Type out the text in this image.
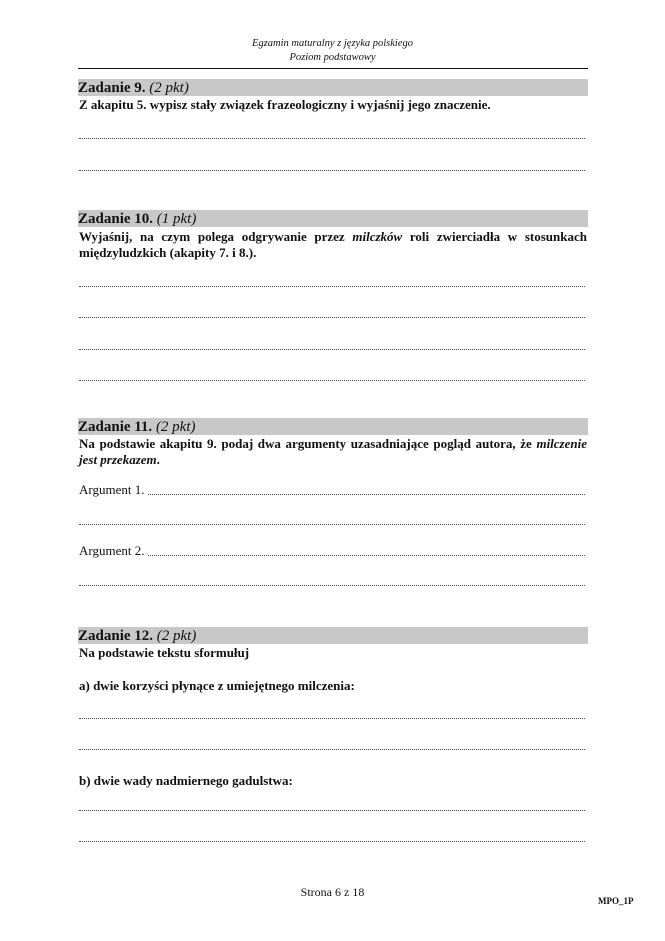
Egzamin maturalny z języka polskiego
Poziom podstawowy
Zadanie 9. (2 pkt)
Z akapitu 5. wypisz stały związek frazeologiczny i wyjaśnij jego znaczenie.
Zadanie 10. (1 pkt)
Wyjaśnij, na czym polega odgrywanie przez milczków roli zwierciadła w stosunkach międzyludzkich (akapity 7. i 8.).
Zadanie 11. (2 pkt)
Na podstawie akapitu 9. podaj dwa argumenty uzasadniające pogląd autora, że milczenie jest przekazem.
Argument 1.
Argument 2.
Zadanie 12. (2 pkt)
Na podstawie tekstu sformułuj
a) dwie korzyści płynące z umiejętnego milczenia:
b) dwie wady nadmiernego gadulstwa:
Strona 6 z 18
MPO_1P
